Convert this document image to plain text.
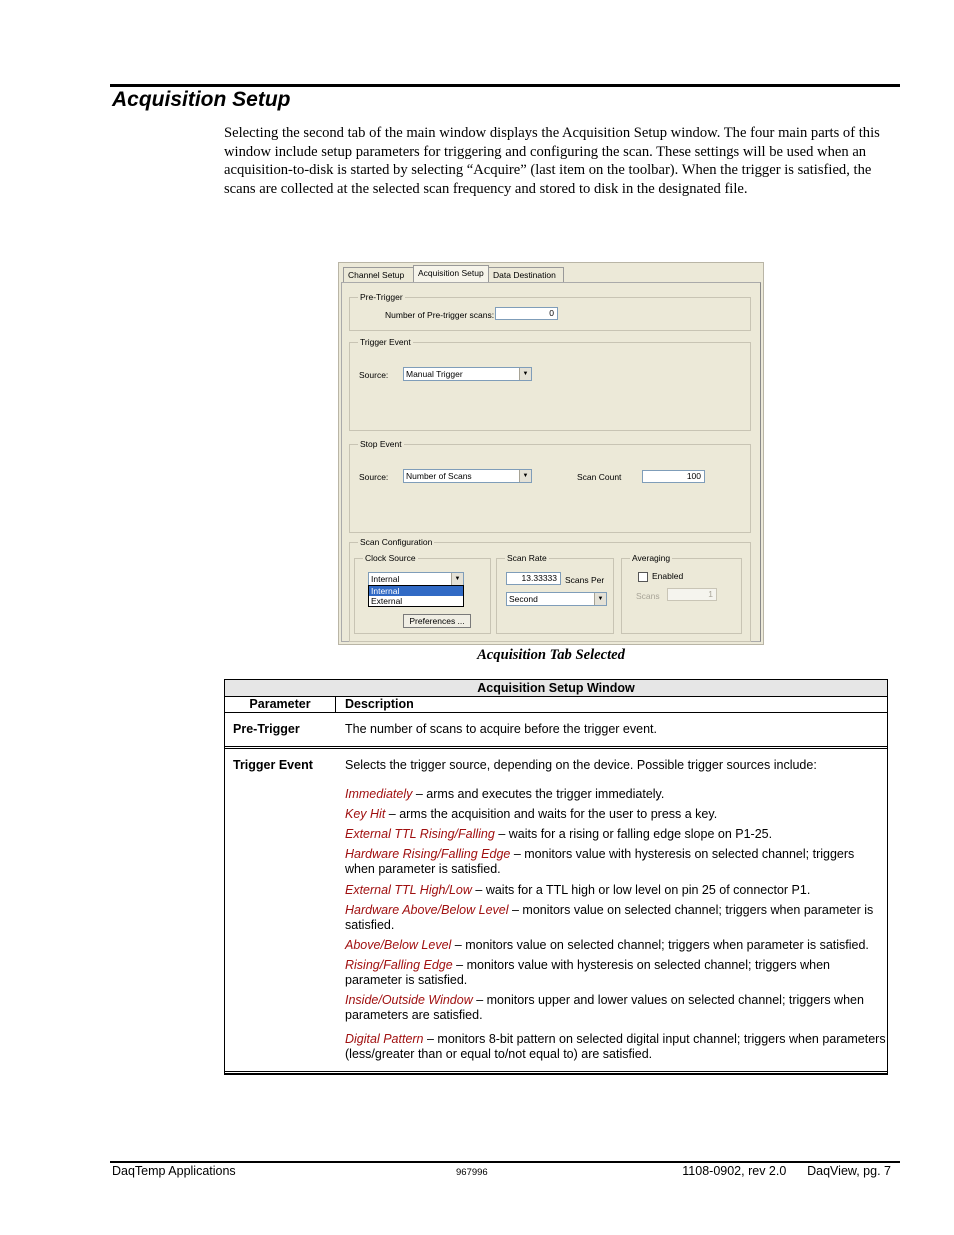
Acquisition Setup
Selecting the second tab of the main window displays the Acquisition Setup window. The four main parts of this window include setup parameters for triggering and configuring the scan. These settings will be used when an acquisition-to-disk is started by selecting “Acquire” (last item on the toolbar). When the trigger is satisfied, the scans are collected at the selected scan frequency and stored to disk in the designated file.
Channel Setup	Acquisition Setup	Data Destination
Pre-Trigger
Number of Pre-trigger scans:	0
Trigger Event
Source:	Manual Trigger	▼
Stop Event
Source:	Number of Scans	▼	Scan Count	100
Scan Configuration
Clock Source
Internal	▼
Internal
External
Preferences ...
Scan Rate
13.33333 Scans Per
Second	▼
Averaging
Enabled
Scans	1
Acquisition Tab Selected
Acquisition Setup Window
Parameter	Description
Pre-Trigger	The number of scans to acquire before the trigger event.
Trigger Event	Selects the trigger source, depending on the device. Possible trigger sources include:

Immediately – arms and executes the trigger immediately.

Key Hit – arms the acquisition and waits for the user to press a key.

External TTL Rising/Falling – waits for a rising or falling edge slope on P1-25.

Hardware Rising/Falling Edge – monitors value with hysteresis on selected channel; triggers when parameter is satisfied.

External TTL High/Low – waits for a TTL high or low level on pin 25 of connector P1.

Hardware Above/Below Level – monitors value on selected channel; triggers when parameter is satisfied.

Above/Below Level – monitors value on selected channel; triggers when parameter is satisfied.

Rising/Falling Edge – monitors value with hysteresis on selected channel; triggers when parameter is satisfied.

Inside/Outside Window – monitors upper and lower values on selected channel; triggers when parameters are satisfied.

Digital Pattern – monitors 8-bit pattern on selected digital input channel; triggers when parameters (less/greater than or equal to/not equal to) are satisfied.

DaqTemp Applications	967996	1108-0902, rev 2.0      DaqView, pg. 7
